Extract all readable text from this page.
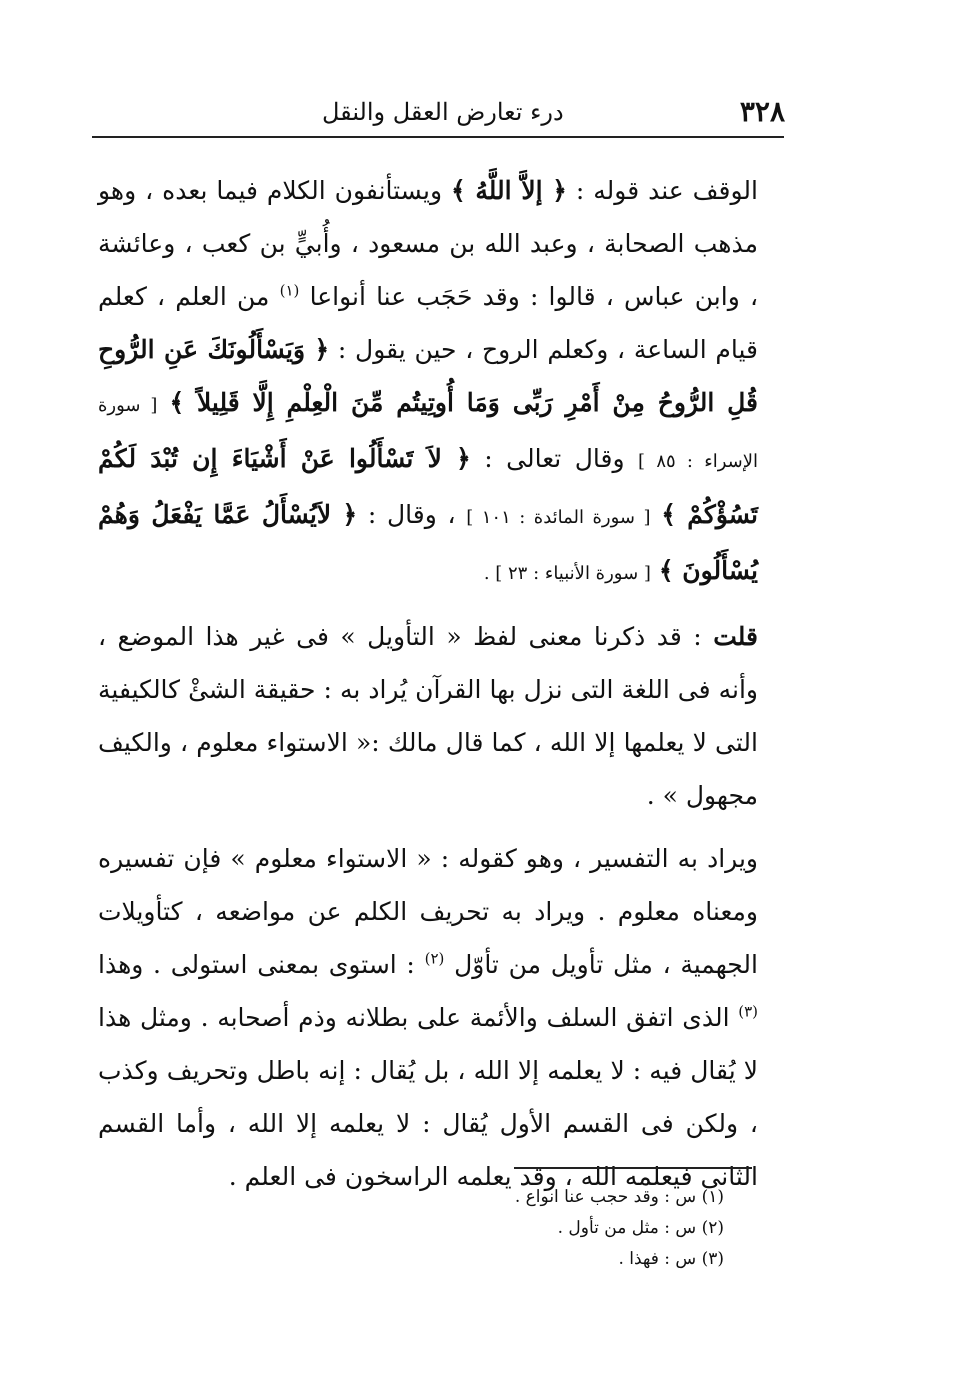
٣٢٨
درء تعارض العقل والنقل

الوقف عند قوله : ﴿ إلاَّ اللَّهُ ﴾ ويستأنفون الكلام فيما بعده ، وهو مذهب الصحابة ، وعبد الله بن مسعود ، وأُبيٍّ بن كعب ، وعائشة ، وابن عباس ، قالوا : وقد حَجَب عنا أنواعا $^{(١)}$ من العلم ، كعلم قيام الساعة ، وكعلم الروح ، حين يقول : ﴿ وَيَسْأَلُونَكَ عَنِ الرُّوحِ قُلِ الرُّوحُ مِنْ أَمْرِ رَبِّى وَمَا أُوتِيتُم مِّنَ الْعِلْمِ إِلَّا قَلِيلاً ﴾ [ سورة الإسراء : ٨٥ ] وقال تعالى : ﴿ لاَ تَسْأَلُوا عَنْ أَشْيَاءَ إِن تُبْدَ لَكُمْ تَسُؤْكُمْ ﴾ [ سورة المائدة : ١٠١ ] ، وقال : ﴿ لاَيُسْأَلُ عَمَّا يَفْعَلُ وَهُمْ يُسْأَلُونَ ﴾ [ سورة الأنبياء : ٢٣ ] .

قلت : قد ذكرنا معنى لفظ « التأويل » فى غير هذا الموضع ، وأنه فى اللغة التى نزل بها القرآن يُراد به : حقيقة الشئْ كالكيفية التى لا يعلمها إلا الله ، كما قال مالك :« الاستواء معلوم ، والكيف مجهول » .

ويراد به التفسير ، وهو كقوله : « الاستواء معلوم » فإن تفسيره ومعناه معلوم . ويراد به تحريف الكلم عن مواضعه ، كتأويلات الجهمية ، مثل تأويل من تأوّل $^{(٢)}$ : استوى بمعنى استولى . وهذا $^{(٣)}$ الذى اتفق السلف والأئمة على بطلانه وذم أصحابه . ومثل هذا لا يُقال فيه : لا يعلمه إلا الله ، بل يُقال : إنه باطل وتحريف وكذب ، ولكن فى القسم الأول يُقال : لا يعلمه إلا الله ، وأما القسم الثانى فيعلمه الله ، وقد يعلمه الراسخون فى العلم .

(١) س : وقد حجب عنا انواع .

(٢) س : مثل من تأول .

(٣) س : فهذا .
